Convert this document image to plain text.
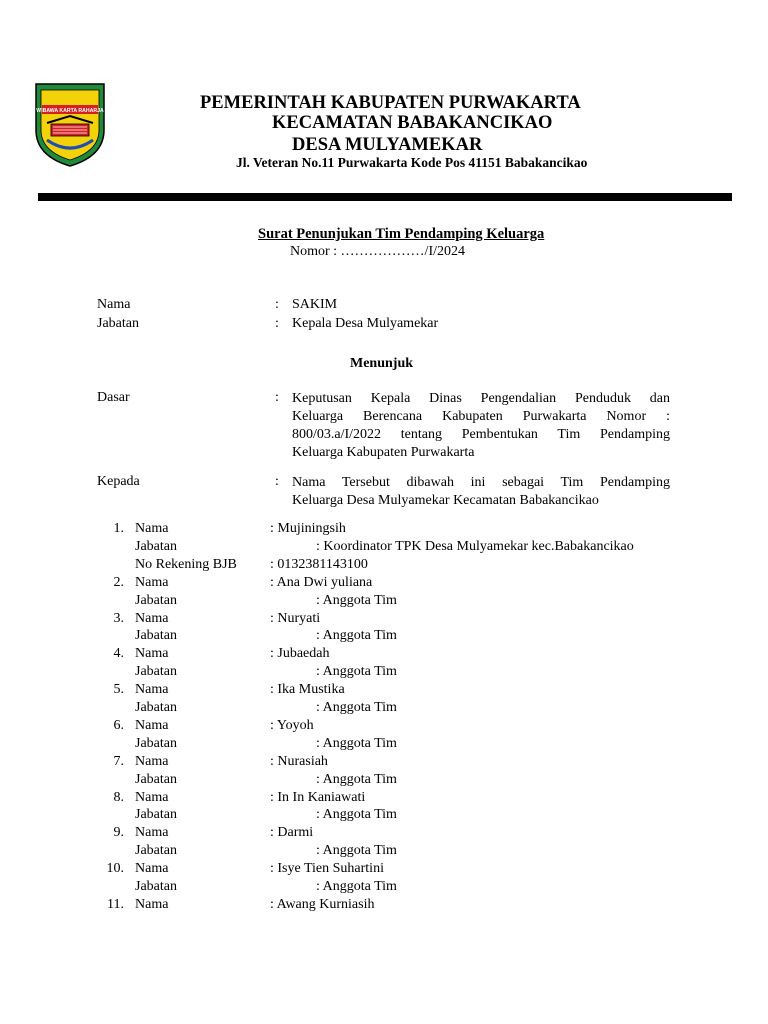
WIBAWA KARTA RAHARJA	PEMERINTAH KABUPATEN PURWAKARTA
KECAMATAN BABAKANCIKAO
DESA MULYAMEKAR
Jl. Veteran No.11 Purwakarta Kode Pos 41151 Babakancikao
Surat Penunjukan Tim Pendamping Keluarga
Nomor : ………………/I/2024
Nama	: SAKIM
Jabatan	: Kepala Desa Mulyamekar
Menunjuk
Dasar	: Keputusan Kepala Dinas Pengendalian Penduduk dan
Keluarga Berencana Kabupaten Purwakarta Nomor :
800/03.a/I/2022 tentang Pembentukan Tim Pendamping
Keluarga Kabupaten Purwakarta
Kepada	: Nama Tersebut dibawah ini sebagai Tim Pendamping
Keluarga Desa Mulyamekar Kecamatan Babakancikao
1. Nama	: Mujiningsih
Jabatan	: Koordinator TPK Desa Mulyamekar kec.Babakancikao
No Rekening BJB : 0132381143100
2. Nama	: Ana Dwi yuliana
Jabatan	: Anggota Tim
3. Nama	: Nuryati
Jabatan	: Anggota Tim
4. Nama	: Jubaedah
Jabatan	: Anggota Tim
5. Nama	: Ika Mustika
Jabatan	: Anggota Tim
6. Nama	: Yoyoh
Jabatan	: Anggota Tim
7. Nama	: Nurasiah
Jabatan	: Anggota Tim
8. Nama	: In In Kaniawati
Jabatan	: Anggota Tim
9. Nama	: Darmi
Jabatan	: Anggota Tim
10. Nama	: Isye Tien Suhartini
Jabatan	: Anggota Tim
11. Nama	: Awang Kurniasih
